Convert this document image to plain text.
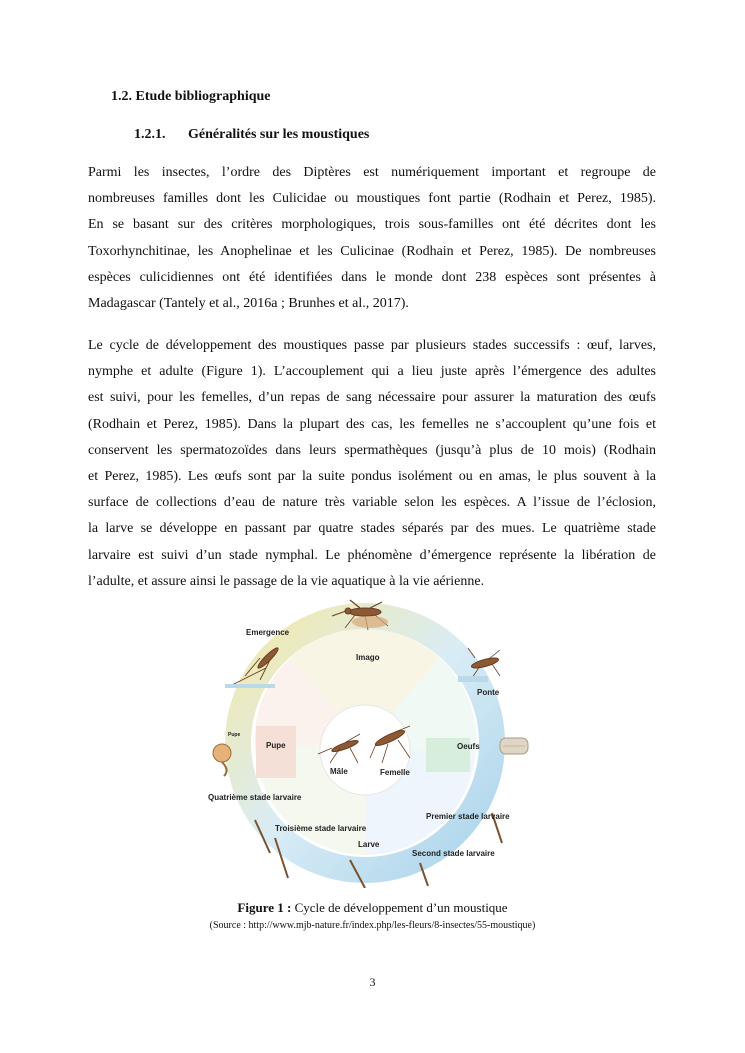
1.2. Etude bibliographique
1.2.1. Généralités sur les moustiques
Parmi les insectes, l’ordre des Diptères est numériquement important et regroupe de
nombreuses familles dont les Culicidae ou moustiques font partie (Rodhain et Perez, 1985).
En se basant sur des critères morphologiques, trois sous-familles ont été décrites dont les
Toxorhynchitinae, les Anophelinae et les Culicinae (Rodhain et Perez, 1985). De nombreuses
espèces culicidiennes ont été identifiées dans le monde dont 238 espèces sont présentes à
Madagascar (Tantely et al., 2016a ; Brunhes et al., 2017).
Le cycle de développement des moustiques passe par plusieurs stades successifs : œuf, larves,
nymphe et adulte (Figure 1). L’accouplement qui a lieu juste après l’émergence des adultes
est suivi, pour les femelles, d’un repas de sang nécessaire pour assurer la maturation des œufs
(Rodhain et Perez, 1985). Dans la plupart des cas, les femelles ne s’accouplent qu’une fois et
conservent les spermatozoïdes dans leurs spermathèques (jusqu’à plus de 10 mois) (Rodhain
et Perez, 1985). Les œufs sont par la suite pondus isolément ou en amas, le plus souvent à la
surface de collections d’eau de nature très variable selon les espèces. A l’issue de l’éclosion,
la larve se développe en passant par quatre stades séparés par des mues. Le quatrième stade
larvaire est suivi d’un stade nymphal. Le phénomène d’émergence représente la libération de
l’adulte, et assure ainsi le passage de la vie aquatique à la vie aérienne.
Emergence
Imago
Ponte
Pupe
Pupe
Mâle	Femelle
Oeufs
Quatrième stade larvaire
Premier stade larvaire
Troisième stade larvaire
Larve
Second stade larvaire
www.mjb-nature.fr
Figure 1 : Cycle de développement d’un moustique
(Source : http://www.mjb-nature.fr/index.php/les-fleurs/8-insectes/55-moustique)
3
